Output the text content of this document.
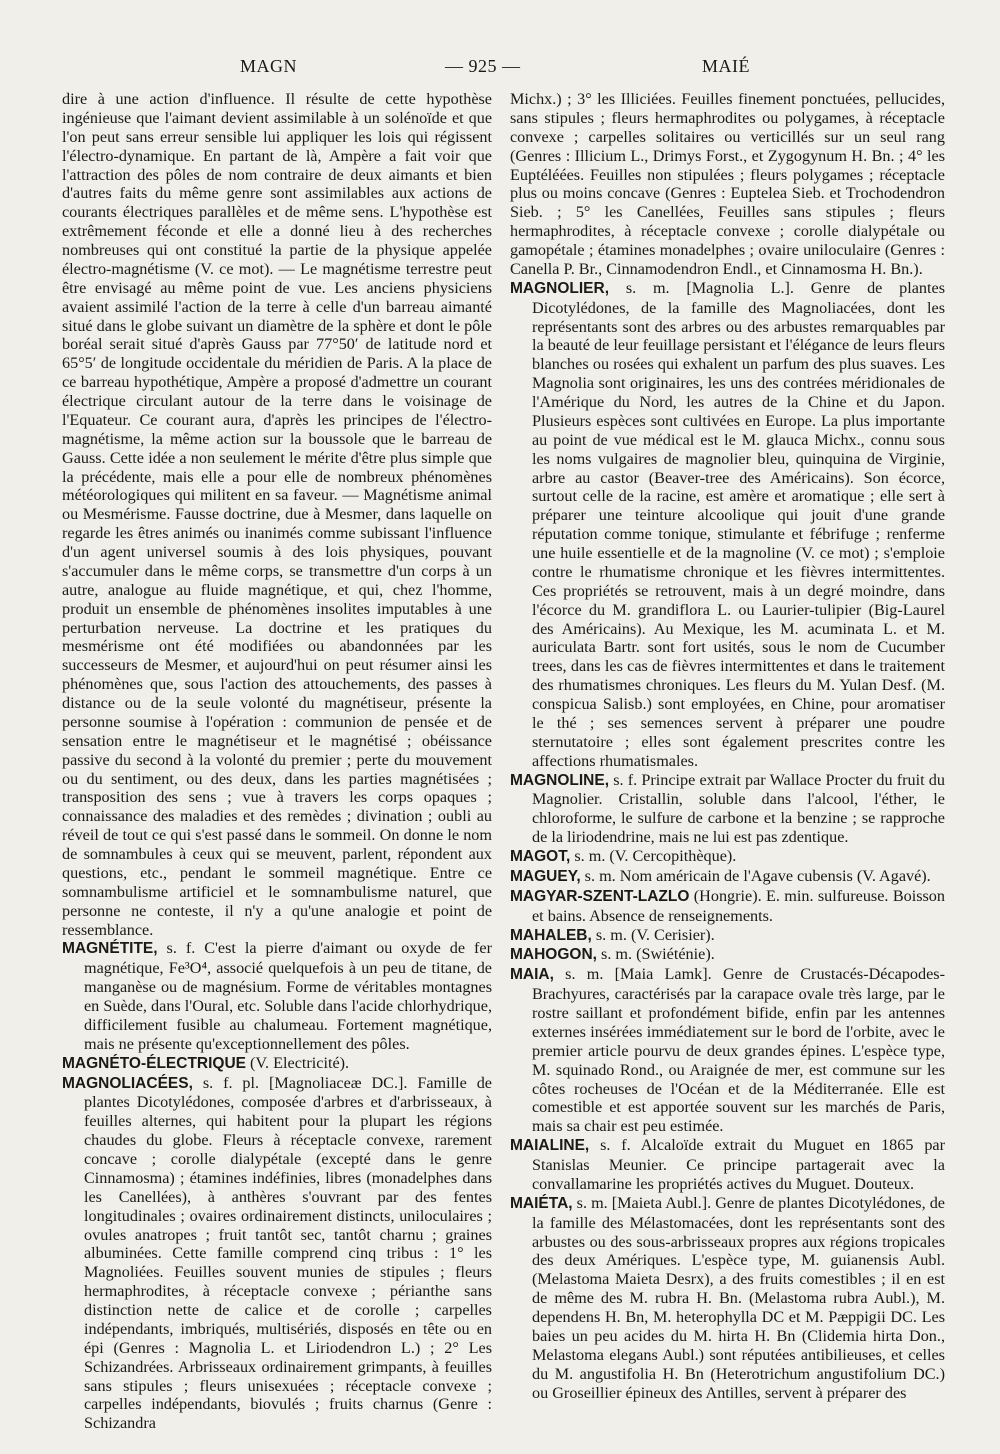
MAGN	— 925 —	MAIÉ

dire à une action d'influence. Il résulte de cette hypothèse ingénieuse que l'aimant devient assimilable à un solénoïde et que l'on peut sans erreur sensible lui appliquer les lois qui régissent l'électro-dynamique. En partant de là, Ampère a fait voir que l'attraction des pôles de nom contraire de deux aimants et bien d'autres faits du même genre sont assimilables aux actions de courants électriques parallèles et de même sens. L'hypothèse est extrêmement féconde et elle a donné lieu à des recherches nombreuses qui ont constitué la partie de la physique appelée électro-magnétisme (V. ce mot). — Le magnétisme terrestre peut être envisagé au même point de vue. Les anciens physiciens avaient assimilé l'action de la terre à celle d'un barreau aimanté situé dans le globe suivant un diamètre de la sphère et dont le pôle boréal serait situé d'après Gauss par 77°50′ de latitude nord et 65°5′ de longitude occidentale du méridien de Paris. A la place de ce barreau hypothétique, Ampère a proposé d'admettre un courant électrique circulant autour de la terre dans le voisinage de l'Equateur. Ce courant aura, d'après les principes de l'électro-magnétisme, la même action sur la boussole que le barreau de Gauss. Cette idée a non seulement le mérite d'être plus simple que la précédente, mais elle a pour elle de nombreux phénomènes météorologiques qui militent en sa faveur. — Magnétisme animal ou Mesmérisme. Fausse doctrine, due à Mesmer, dans laquelle on regarde les êtres animés ou inanimés comme subissant l'influence d'un agent universel soumis à des lois physiques, pouvant s'accumuler dans le même corps, se transmettre d'un corps à un autre, analogue au fluide magnétique, et qui, chez l'homme, produit un ensemble de phénomènes insolites imputables à une perturbation nerveuse. La doctrine et les pratiques du mesmérisme ont été modifiées ou abandonnées par les successeurs de Mesmer, et aujourd'hui on peut résumer ainsi les phénomènes que, sous l'action des attouchements, des passes à distance ou de la seule volonté du magnétiseur, présente la personne soumise à l'opération : communion de pensée et de sensation entre le magnétiseur et le magnétisé ; obéissance passive du second à la volonté du premier ; perte du mouvement ou du sentiment, ou des deux, dans les parties magnétisées ; transposition des sens ; vue à travers les corps opaques ; connaissance des maladies et des remèdes ; divination ; oubli au réveil de tout ce qui s'est passé dans le sommeil. On donne le nom de somnambules à ceux qui se meuvent, parlent, répondent aux questions, etc., pendant le sommeil magnétique. Entre ce somnambulisme artificiel et le somnambulisme naturel, que personne ne conteste, il n'y a qu'une analogie et point de ressemblance.

MAGNÉTITE, s. f. C'est la pierre d'aimant ou oxyde de fer magnétique, Fe³O⁴, associé quelquefois à un peu de titane, de manganèse ou de magnésium. Forme de véritables montagnes en Suède, dans l'Oural, etc. Soluble dans l'acide chlorhydrique, difficilement fusible au chalumeau. Fortement magnétique, mais ne présente qu'exceptionnellement des pôles.

MAGNÉTO-ÉLECTRIQUE (V. Electricité).

MAGNOLIACÉES, s. f. pl. [Magnoliaceæ DC.]. Famille de plantes Dicotylédones, composée d'arbres et d'arbrisseaux, à feuilles alternes, qui habitent pour la plupart les régions chaudes du globe. Fleurs à réceptacle convexe, rarement concave ; corolle dialypétale (excepté dans le genre Cinnamosma) ; étamines indéfinies, libres (monadelphes dans les Canellées), à anthères s'ouvrant par des fentes longitudinales ; ovaires ordinairement distincts, uniloculaires ; ovules anatropes ; fruit tantôt sec, tantôt charnu ; graines albuminées. Cette famille comprend cinq tribus : 1° les Magnoliées. Feuilles souvent munies de stipules ; fleurs hermaphrodites, à réceptacle convexe ; périanthe sans distinction nette de calice et de corolle ; carpelles indépendants, imbriqués, multisériés, disposés en tête ou en épi (Genres : Magnolia L. et Liriodendron L.) ; 2° Les Schizandrées. Arbrisseaux ordinairement grimpants, à feuilles sans stipules ; fleurs unisexuées ; réceptacle convexe ; carpelles indépendants, biovulés ; fruits charnus (Genre : Schizandra

Michx.) ; 3° les Illiciées. Feuilles finement ponctuées, pellucides, sans stipules ; fleurs hermaphrodites ou polygames, à réceptacle convexe ; carpelles solitaires ou verticillés sur un seul rang (Genres : Illicium L., Drimys Forst., et Zygogynum H. Bn. ; 4° les Euptéléées. Feuilles non stipulées ; fleurs polygames ; réceptacle plus ou moins concave (Genres : Euptelea Sieb. et Trochodendron Sieb. ; 5° les Canellées, Feuilles sans stipules ; fleurs hermaphrodites, à réceptacle convexe ; corolle dialypétale ou gamopétale ; étamines monadelphes ; ovaire uniloculaire (Genres : Canella P. Br., Cinnamodendron Endl., et Cinnamosma H. Bn.).

MAGNOLIER, s. m. [Magnolia L.]. Genre de plantes Dicotylédones, de la famille des Magnoliacées, dont les représentants sont des arbres ou des arbustes remarquables par la beauté de leur feuillage persistant et l'élégance de leurs fleurs blanches ou rosées qui exhalent un parfum des plus suaves. Les Magnolia sont originaires, les uns des contrées méridionales de l'Amérique du Nord, les autres de la Chine et du Japon. Plusieurs espèces sont cultivées en Europe. La plus importante au point de vue médical est le M. glauca Michx., connu sous les noms vulgaires de magnolier bleu, quinquina de Virginie, arbre au castor (Beaver-tree des Américains). Son écorce, surtout celle de la racine, est amère et aromatique ; elle sert à préparer une teinture alcoolique qui jouit d'une grande réputation comme tonique, stimulante et fébrifuge ; renferme une huile essentielle et de la magnoline (V. ce mot) ; s'emploie contre le rhumatisme chronique et les fièvres intermittentes. Ces propriétés se retrouvent, mais à un degré moindre, dans l'écorce du M. grandiflora L. ou Laurier-tulipier (Big-Laurel des Américains). Au Mexique, les M. acuminata L. et M. auriculata Bartr. sont fort usités, sous le nom de Cucumber trees, dans les cas de fièvres intermittentes et dans le traitement des rhumatismes chroniques. Les fleurs du M. Yulan Desf. (M. conspicua Salisb.) sont employées, en Chine, pour aromatiser le thé ; ses semences servent à préparer une poudre sternutatoire ; elles sont également prescrites contre les affections rhumatismales.

MAGNOLINE, s. f. Principe extrait par Wallace Procter du fruit du Magnolier. Cristallin, soluble dans l'alcool, l'éther, le chloroforme, le sulfure de carbone et la benzine ; se rapproche de la liriodendrine, mais ne lui est pas zdentique.

MAGOT, s. m. (V. Cercopithèque).

MAGUEY, s. m. Nom américain de l'Agave cubensis (V. Agavé).

MAGYAR-SZENT-LAZLO (Hongrie). E. min. sulfureuse. Boisson et bains. Absence de renseignements.

MAHALEB, s. m. (V. Cerisier).

MAHOGON, s. m. (Swiéténie).

MAIA, s. m. [Maia Lamk]. Genre de Crustacés-Décapodes-Brachyures, caractérisés par la carapace ovale très large, par le rostre saillant et profondément bifide, enfin par les antennes externes insérées immédiatement sur le bord de l'orbite, avec le premier article pourvu de deux grandes épines. L'espèce type, M. squinado Rond., ou Araignée de mer, est commune sur les côtes rocheuses de l'Océan et de la Méditerranée. Elle est comestible et est apportée souvent sur les marchés de Paris, mais sa chair est peu estimée.

MAIALINE, s. f. Alcaloïde extrait du Muguet en 1865 par Stanislas Meunier. Ce principe partagerait avec la convallamarine les propriétés actives du Muguet. Douteux.

MAIÉTA, s. m. [Maieta Aubl.]. Genre de plantes Dicotylédones, de la famille des Mélastomacées, dont les représentants sont des arbustes ou des sous-arbrisseaux propres aux régions tropicales des deux Amériques. L'espèce type, M. guianensis Aubl. (Melastoma Maieta Desrx), a des fruits comestibles ; il en est de même des M. rubra H. Bn. (Melastoma rubra Aubl.), M. dependens H. Bn, M. heterophylla DC et M. Pæppigii DC. Les baies un peu acides du M. hirta H. Bn (Clidemia hirta Don., Melastoma elegans Aubl.) sont réputées antibilieuses, et celles du M. angustifolia H. Bn (Heterotrichum angustifolium DC.) ou Groseillier épineux des Antilles, servent à préparer des
